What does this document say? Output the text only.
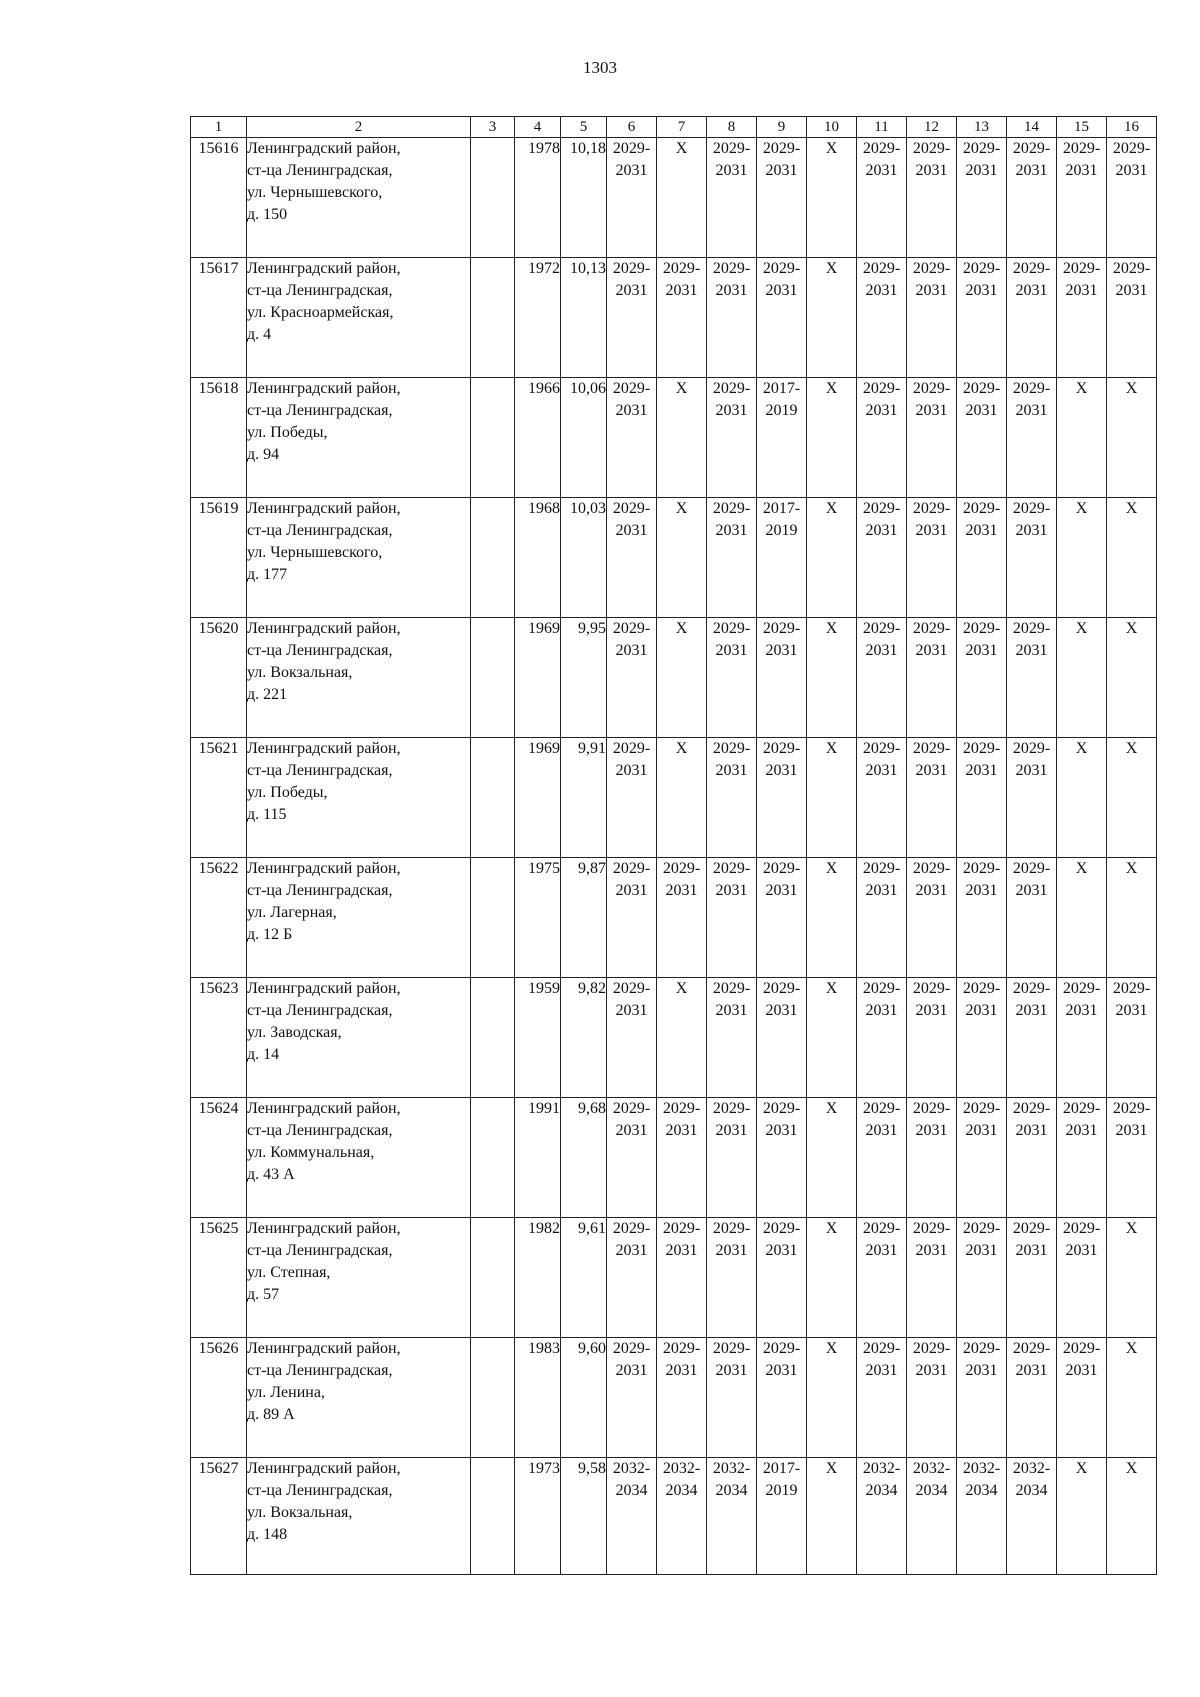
1303
1	2	3	4	5	6	7	8	9	10	11	12	13	14	15	16
15616	Ленинградский район,
ст-ца Ленинградская,
ул. Чернышевского,
д. 150		1978	10,18	2029-
2031	X	2029-
2031	2029-
2031	X	2029-
2031	2029-
2031	2029-
2031	2029-
2031	2029-
2031	2029-
2031

15617	Ленинградский район,
ст-ца Ленинградская,
ул. Красноармейская,
д. 4		1972	10,13	2029-
2031	2029-
2031	2029-
2031	2029-
2031	X	2029-
2031	2029-
2031	2029-
2031	2029-
2031	2029-
2031	2029-
2031

15618	Ленинградский район,
ст-ца Ленинградская,
ул. Победы,
д. 94		1966	10,06	2029-
2031	X	2029-
2031	2017-
2019	X	2029-
2031	2029-
2031	2029-
2031	2029-
2031	X	X
15619	Ленинградский район,
ст-ца Ленинградская,
ул. Чернышевского,
д. 177		1968	10,03	2029-
2031	X	2029-
2031	2017-
2019	X	2029-
2031	2029-
2031	2029-
2031	2029-
2031	X	X
15620	Ленинградский район,
ст-ца Ленинградская,
ул. Вокзальная,
д. 221		1969	9,95	2029-
2031	X	2029-
2031	2029-
2031	X	2029-
2031	2029-
2031	2029-
2031	2029-
2031	X	X
15621	Ленинградский район,
ст-ца Ленинградская,
ул. Победы,
д. 115		1969	9,91	2029-
2031	X	2029-
2031	2029-
2031	X	2029-
2031	2029-
2031	2029-
2031	2029-
2031	X	X
15622	Ленинградский район,
ст-ца Ленинградская,
ул. Лагерная,
д. 12 Б		1975	9,87	2029-
2031	2029-
2031	2029-
2031	2029-
2031	X	2029-
2031	2029-
2031	2029-
2031	2029-
2031	X	X
15623	Ленинградский район,
ст-ца Ленинградская,
ул. Заводская,
д. 14		1959	9,82	2029-
2031	X	2029-
2031	2029-
2031	X	2029-
2031	2029-
2031	2029-
2031	2029-
2031	2029-
2031	2029-
2031

15624	Ленинградский район,
ст-ца Ленинградская,
ул. Коммунальная,
д. 43 А		1991	9,68	2029-
2031	2029-
2031	2029-
2031	2029-
2031	X	2029-
2031	2029-
2031	2029-
2031	2029-
2031	2029-
2031	2029-
2031

15625	Ленинградский район,
ст-ца Ленинградская,
ул. Степная,
д. 57		1982	9,61	2029-
2031	2029-
2031	2029-
2031	2029-
2031	X	2029-
2031	2029-
2031	2029-
2031	2029-
2031	2029-
2031	X
15626	Ленинградский район,
ст-ца Ленинградская,
ул. Ленина,
д. 89 А		1983	9,60	2029-
2031	2029-
2031	2029-
2031	2029-
2031	X	2029-
2031	2029-
2031	2029-
2031	2029-
2031	2029-
2031	X
15627	Ленинградский район,
ст-ца Ленинградская,
ул. Вокзальная,
д. 148		1973	9,58	2032-
2034	2032-
2034	2032-
2034	2017-
2019	X	2032-
2034	2032-
2034	2032-
2034	2032-
2034	X	X
